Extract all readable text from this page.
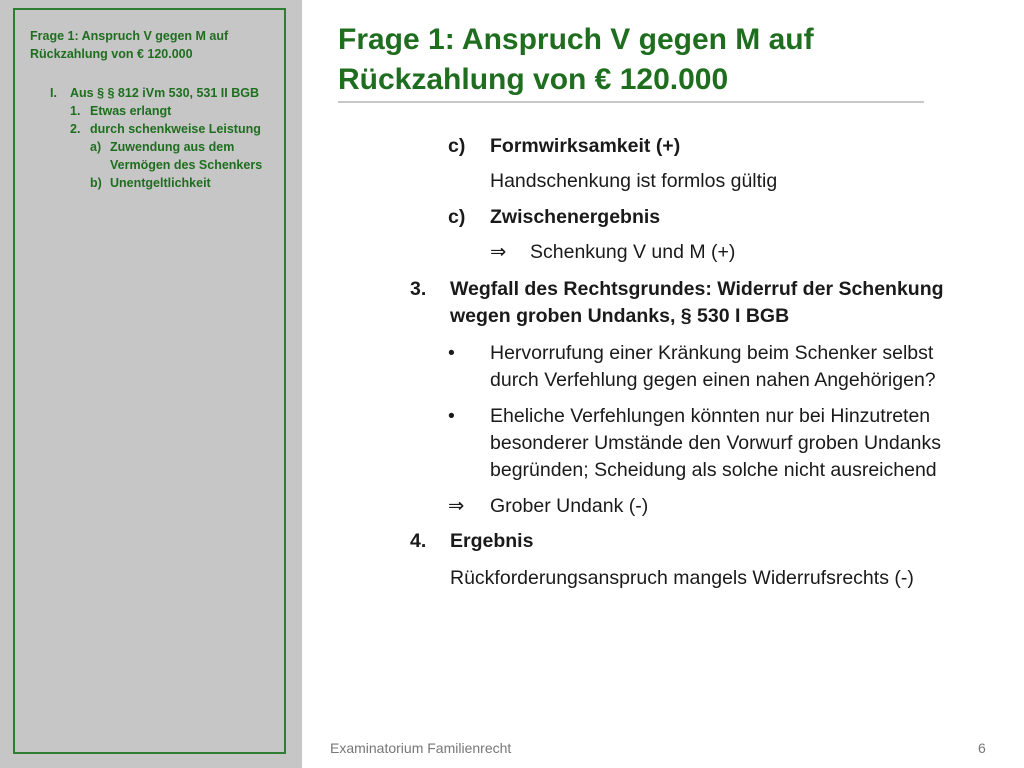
Frage 1: Anspruch V gegen M auf Rückzahlung von € 120.000
I.	Aus § § 812 iVm 530, 531 II BGB
1. Etwas erlangt
2. durch schenkweise Leistung
a) Zuwendung aus dem Vermögen des Schenkers
b) Unentgeltlichkeit
Frage 1: Anspruch V gegen M auf Rückzahlung von € 120.000
c) Formwirksamkeit (+)
Handschenkung ist formlos gültig
c) Zwischenergebnis
⇒ Schenkung V und M (+)
3. Wegfall des Rechtsgrundes: Widerruf der Schenkung wegen groben Undanks, § 530 I BGB
• Hervorrufung einer Kränkung beim Schenker selbst durch Verfehlung gegen einen nahen Angehörigen?
• Eheliche Verfehlungen könnten nur bei Hinzutreten besonderer Umstände den Vorwurf groben Undanks begründen; Scheidung als solche nicht ausreichend
⇒ Grober Undank (-)
4. Ergebnis
Rückforderungsanspruch mangels Widerrufsrechts (-)
Examinatorium Familienrecht	6
